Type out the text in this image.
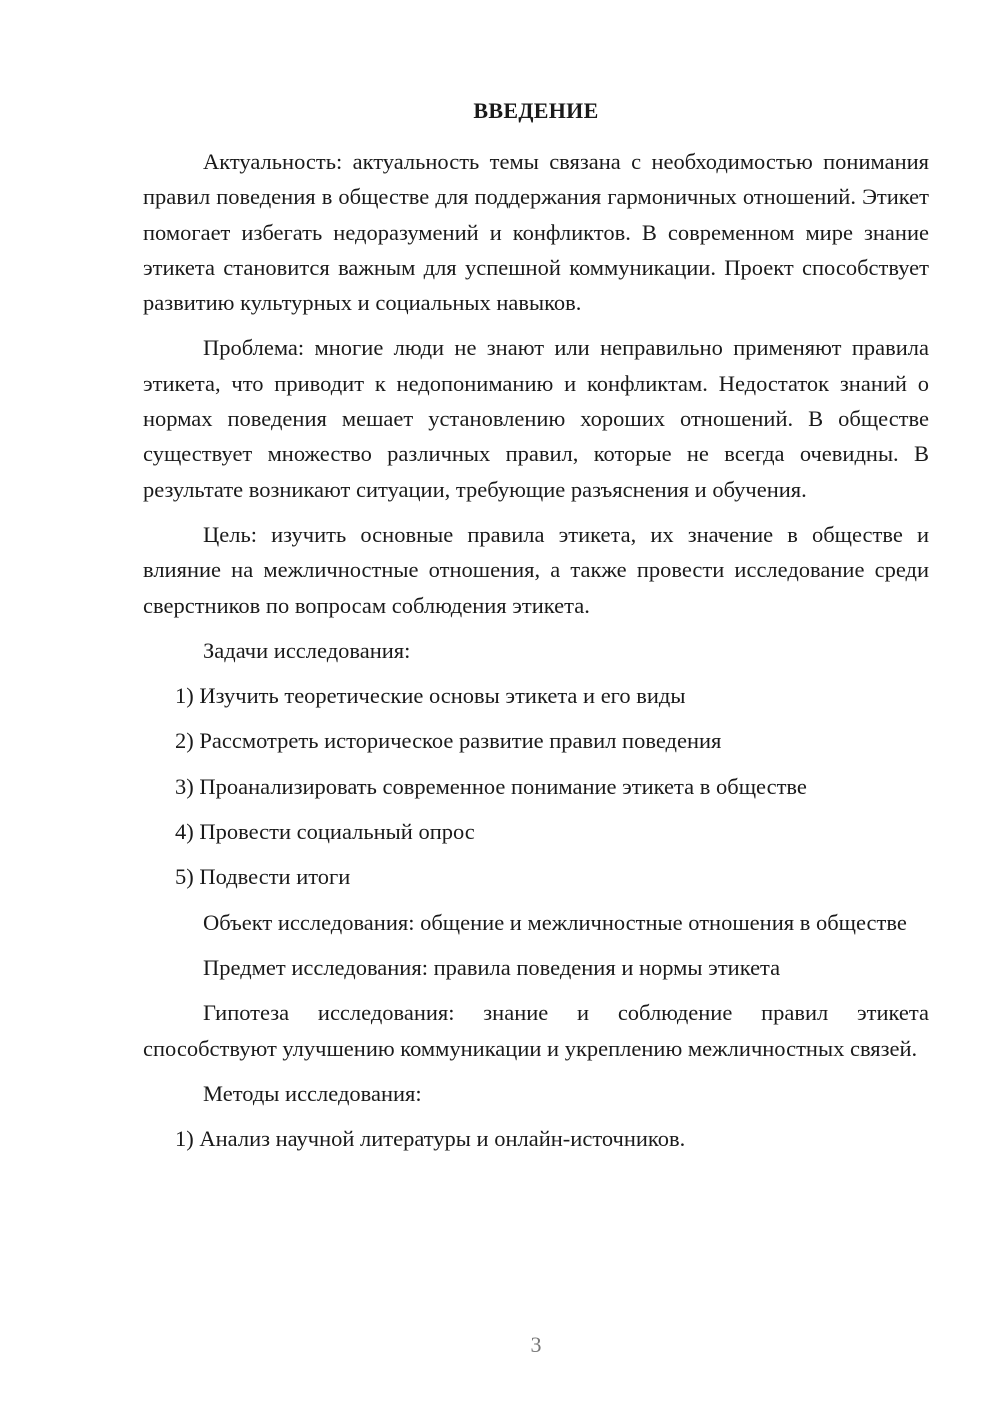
ВВЕДЕНИЕ

Актуальность: актуальность темы связана с необходимостью понимания правил поведения в обществе для поддержания гармоничных отношений. Этикет помогает избегать недоразумений и конфликтов. В современном мире знание этикета становится важным для успешной коммуникации. Проект способствует развитию культурных и социальных навыков.

Проблема: многие люди не знают или неправильно применяют правила этикета, что приводит к недопониманию и конфликтам. Недостаток знаний о нормах поведения мешает установлению хороших отношений. В обществе существует множество различных правил, которые не всегда очевидны. В результате возникают ситуации, требующие разъяснения и обучения.

Цель: изучить основные правила этикета, их значение в обществе и влияние на межличностные отношения, а также провести исследование среди сверстников по вопросам соблюдения этикета.

Задачи исследования:

1) Изучить теоретические основы этикета и его виды
2) Рассмотреть историческое развитие правил поведения
3) Проанализировать современное понимание этикета в обществе
4) Провести социальный опрос
5) Подвести итоги

Объект исследования: общение и межличностные отношения в обществе

Предмет исследования: правила поведения и нормы этикета

Гипотеза исследования: знание и соблюдение правил этикета способствуют улучшению коммуникации и укреплению межличностных связей.

Методы исследования:

1) Анализ научной литературы и онлайн-источников.
3
